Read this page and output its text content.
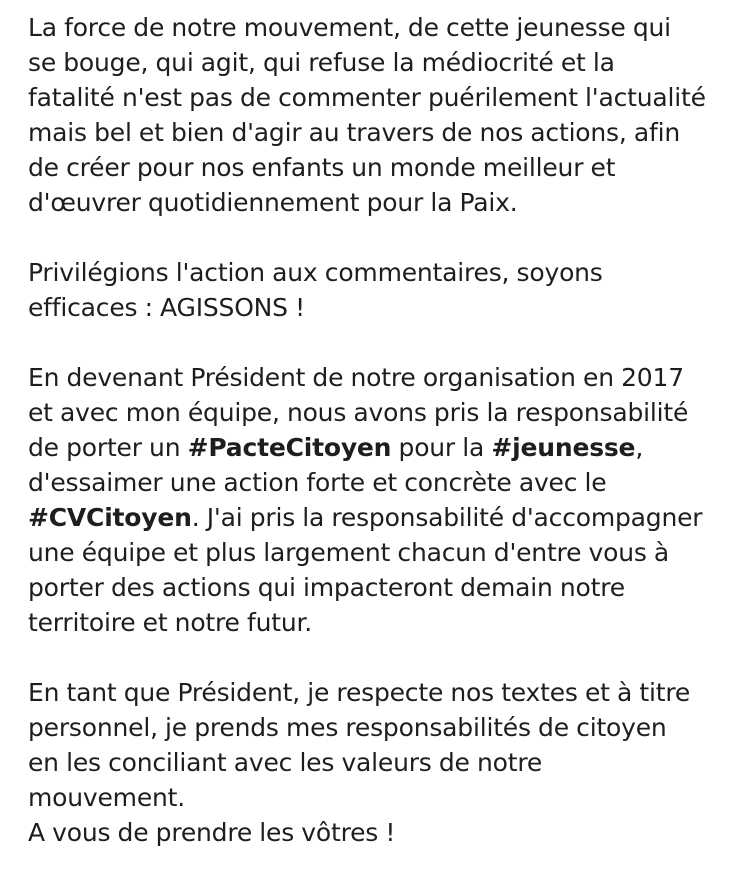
La force de notre mouvement, de cette jeunesse qui
se bouge, qui agit, qui refuse la médiocrité et la
fatalité n'est pas de commenter puérilement l'actualité
mais bel et bien d'agir au travers de nos actions, afin
de créer pour nos enfants un monde meilleur et
d'œuvrer quotidiennement pour la Paix.

Privilégions l'action aux commentaires, soyons
efficaces : AGISSONS !

En devenant Président de notre organisation en 2017
et avec mon équipe, nous avons pris la responsabilité
de porter un #PacteCitoyen pour la #jeunesse,
d'essaimer une action forte et concrète avec le
#CVCitoyen. J'ai pris la responsabilité d'accompagner
une équipe et plus largement chacun d'entre vous à
porter des actions qui impacteront demain notre
territoire et notre futur.

En tant que Président, je respecte nos textes et à titre
personnel, je prends mes responsabilités de citoyen
en les conciliant avec les valeurs de notre
mouvement.
A vous de prendre les vôtres !
